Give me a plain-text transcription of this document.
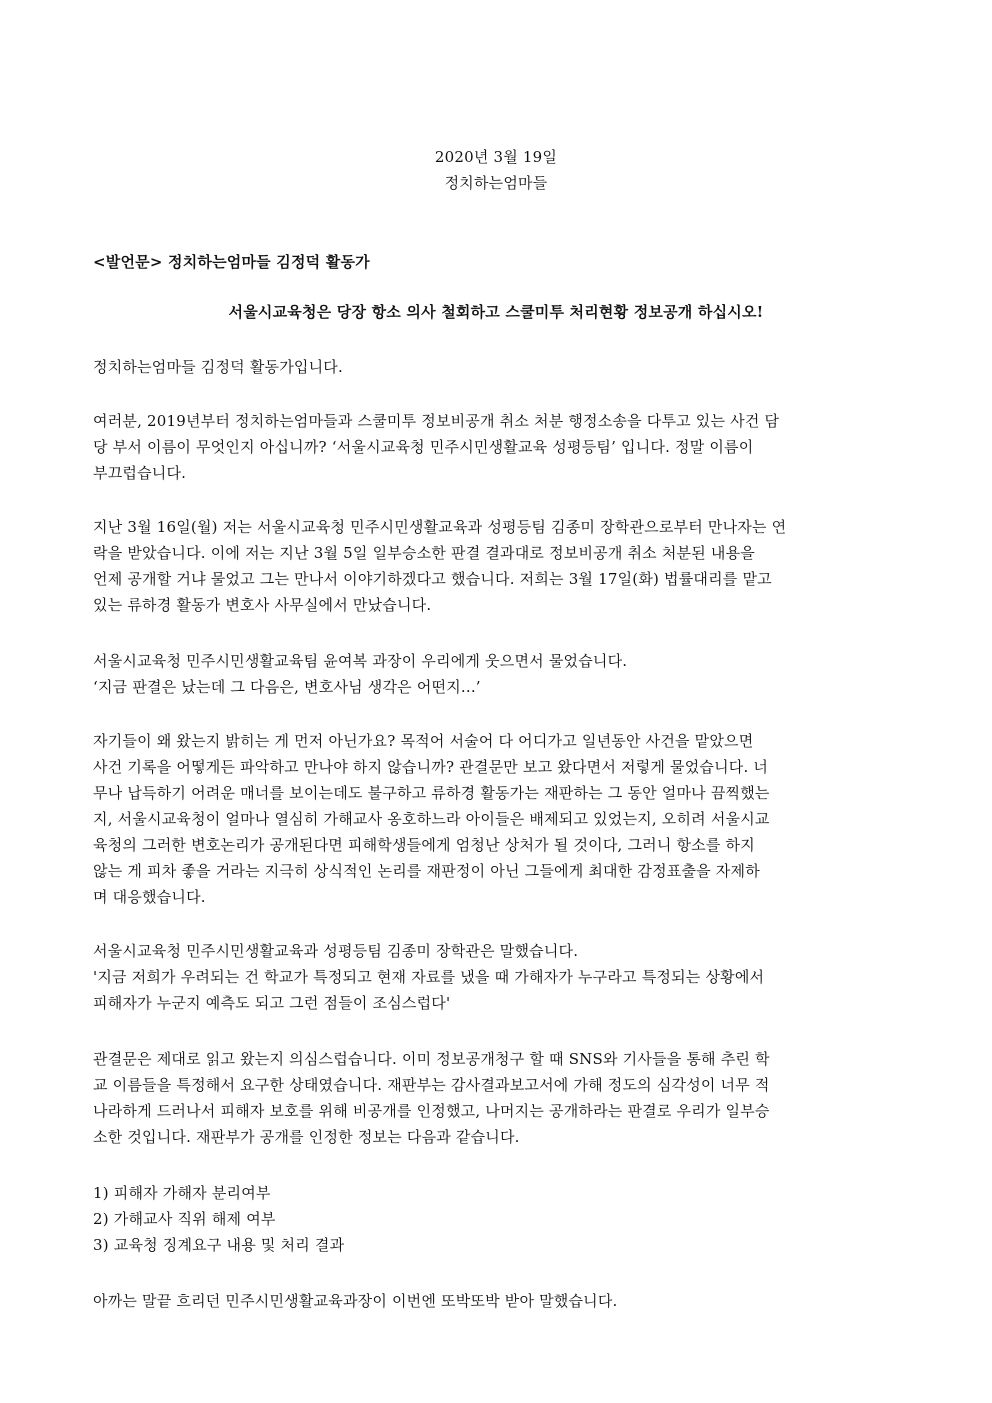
2020년 3월 19일
정치하는엄마들
<발언문> 정치하는엄마들 김정덕 활동가
서울시교육청은 당장 항소 의사 철회하고 스쿨미투 처리현황 정보공개 하십시오!
정치하는엄마들 김정덕 활동가입니다.
여러분, 2019년부터 정치하는엄마들과 스쿨미투 정보비공개 취소 처분 행정소송을 다투고 있는 사건 담
당 부서 이름이 무엇인지 아십니까? ‘서울시교육청 민주시민생활교육 성평등팀’ 입니다. 정말 이름이
부끄럽습니다.
지난 3월 16일(월) 저는 서울시교육청 민주시민생활교육과 성평등팀 김종미 장학관으로부터 만나자는 연
락을 받았습니다. 이에 저는 지난 3월 5일 일부승소한 판결 결과대로 정보비공개 취소 처분된 내용을
언제 공개할 거냐 물었고 그는 만나서 이야기하겠다고 했습니다. 저희는 3월 17일(화) 법률대리를 맡고
있는 류하경 활동가 변호사 사무실에서 만났습니다.
서울시교육청 민주시민생활교육팀 윤여복 과장이 우리에게 웃으면서 물었습니다.
‘지금 판결은 났는데 그 다음은, 변호사님 생각은 어떤지...’
자기들이 왜 왔는지 밝히는 게 먼저 아닌가요? 목적어 서술어 다 어디가고 일년동안 사건을 맡았으면
사건 기록을 어떻게든 파악하고 만나야 하지 않습니까? 관결문만 보고 왔다면서 저렇게 물었습니다. 너
무나 납득하기 어려운 매너를 보이는데도 불구하고 류하경 활동가는 재판하는 그 동안 얼마나 끔찍했는
지, 서울시교육청이 얼마나 열심히 가해교사 옹호하느라 아이들은 배제되고 있었는지, 오히려 서울시교
육청의 그러한 변호논리가 공개된다면 피해학생들에게 엄청난 상처가 될 것이다, 그러니 항소를 하지
않는 게 피차 좋을 거라는 지극히 상식적인 논리를 재판정이 아닌 그들에게 최대한 감정표출을 자제하
며 대응했습니다.
서울시교육청 민주시민생활교육과 성평등팀 김종미 장학관은 말했습니다.
'지금 저희가 우려되는 건 학교가 특정되고 현재 자료를 냈을 때 가해자가 누구라고 특정되는 상황에서
피해자가 누군지 예측도 되고 그런 점들이 조심스럽다'
관결문은 제대로 읽고 왔는지 의심스럽습니다. 이미 정보공개청구 할 때 SNS와 기사들을 통해 추린 학
교 이름들을 특정해서 요구한 상태였습니다. 재판부는 감사결과보고서에 가해 정도의 심각성이 너무 적
나라하게 드러나서 피해자 보호를 위해 비공개를 인정했고, 나머지는 공개하라는 판결로 우리가 일부승
소한 것입니다. 재판부가 공개를 인정한 정보는 다음과 같습니다.
1) 피해자 가해자 분리여부
2) 가해교사 직위 해제 여부
3) 교육청 징계요구 내용 및 처리 결과
아까는 말끝 흐리던 민주시민생활교육과장이 이번엔 또박또박 받아 말했습니다.
